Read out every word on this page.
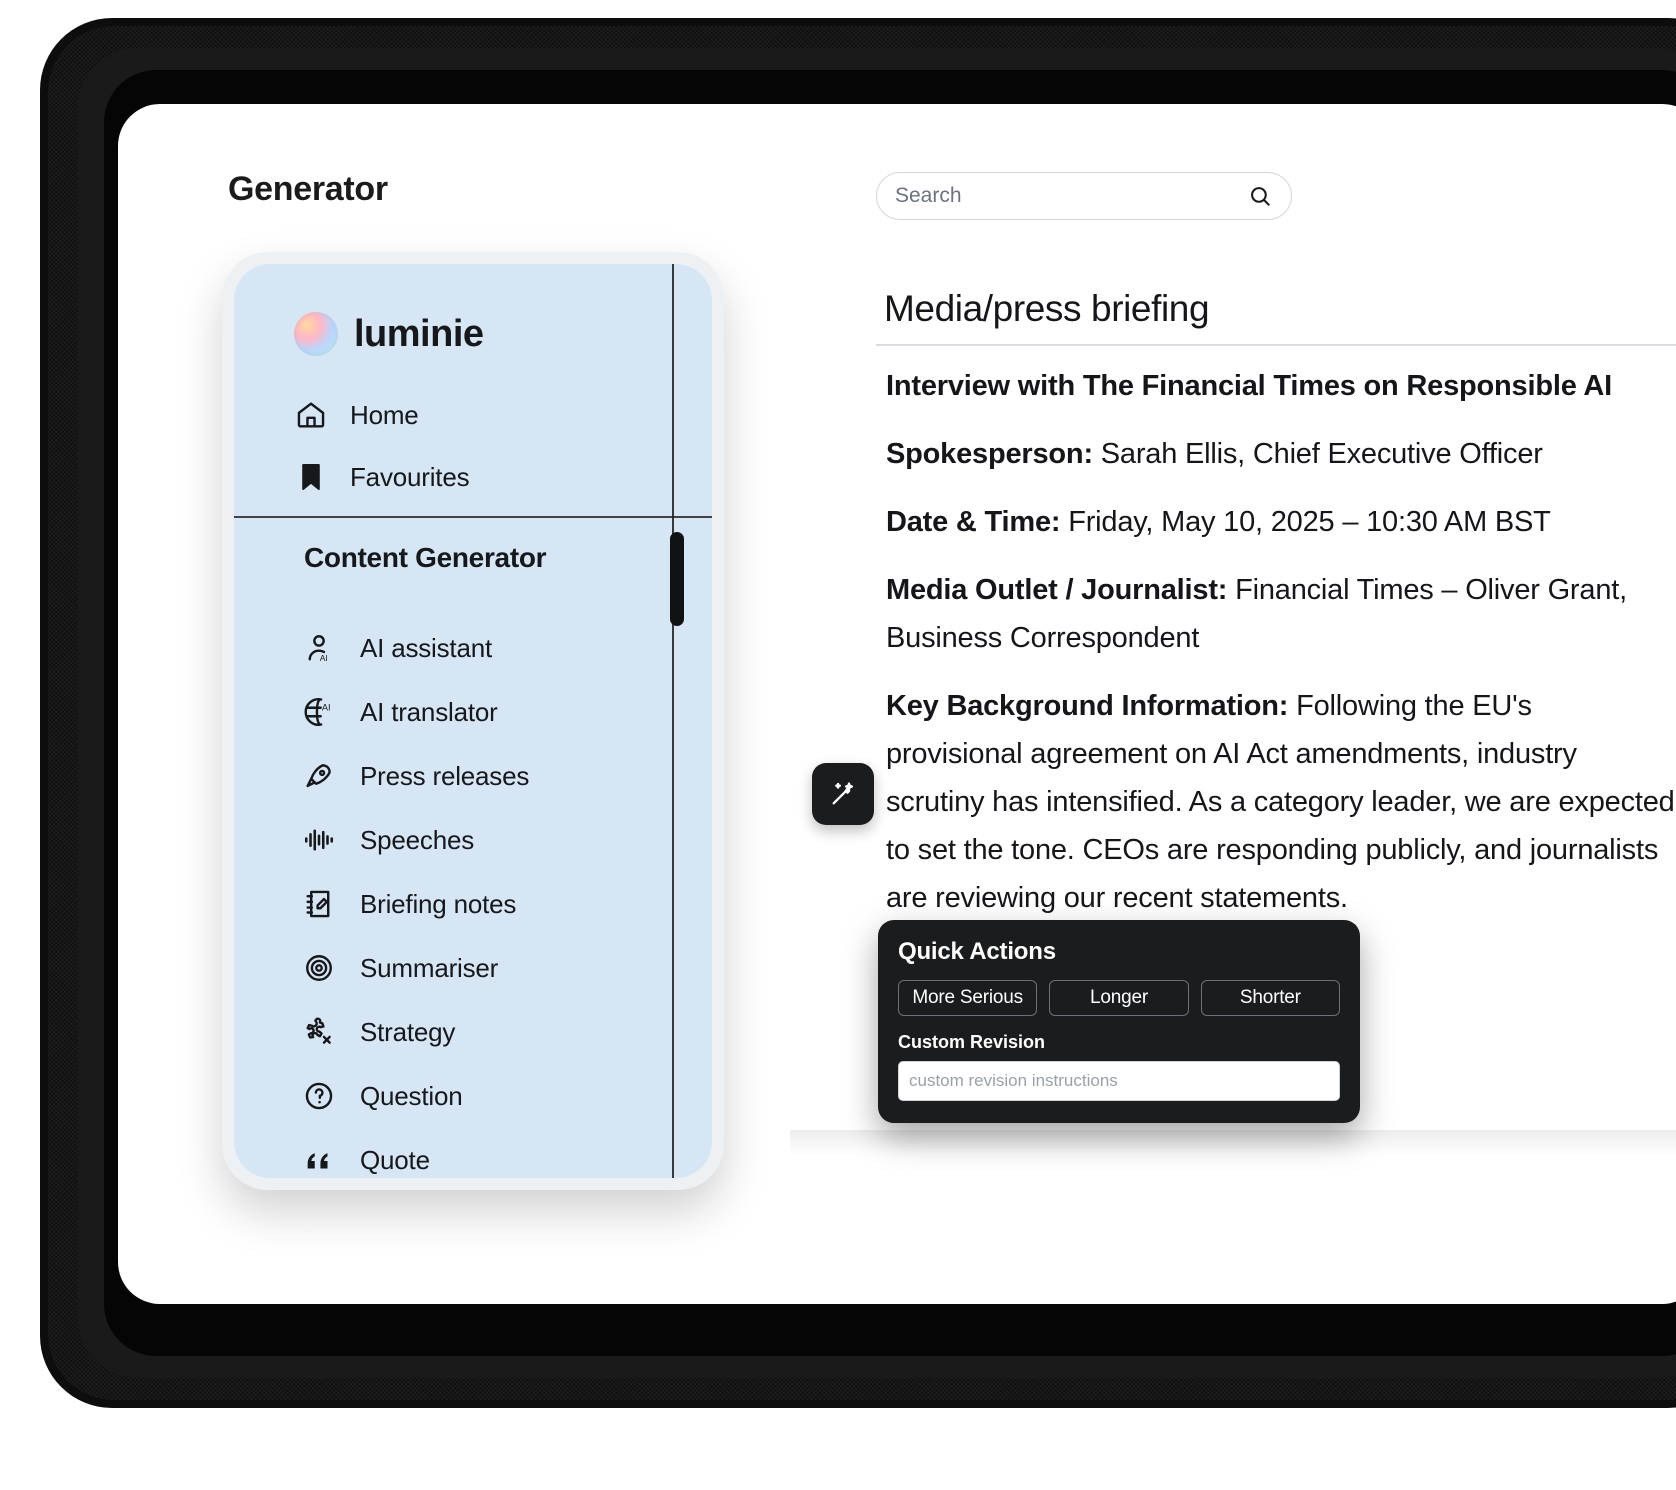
Generator
luminie
Home
Favourites
Content Generator
AI AI assistant
AI AI translator
Press releases
Speeches
Briefing notes
Summariser
Strategy
Question
Quote
Search
Media/press briefing

Interview with The Financial Times on Responsible AI

Spokesperson: Sarah Ellis, Chief Executive Officer

Date & Time: Friday, May 10, 2025 – 10:30 AM BST

Media Outlet / Journalist: Financial Times – Oliver Grant, Business Correspondent

Key Background Information: Following the EU's provisional agreement on AI Act amendments, industry scrutiny has intensified. As a category leader, we are expected to set the tone. CEOs are responding publicly, and journalists are reviewing our recent statements.

Quick Actions
More Serious	Longer	Shorter
Custom Revision
custom revision instructions
